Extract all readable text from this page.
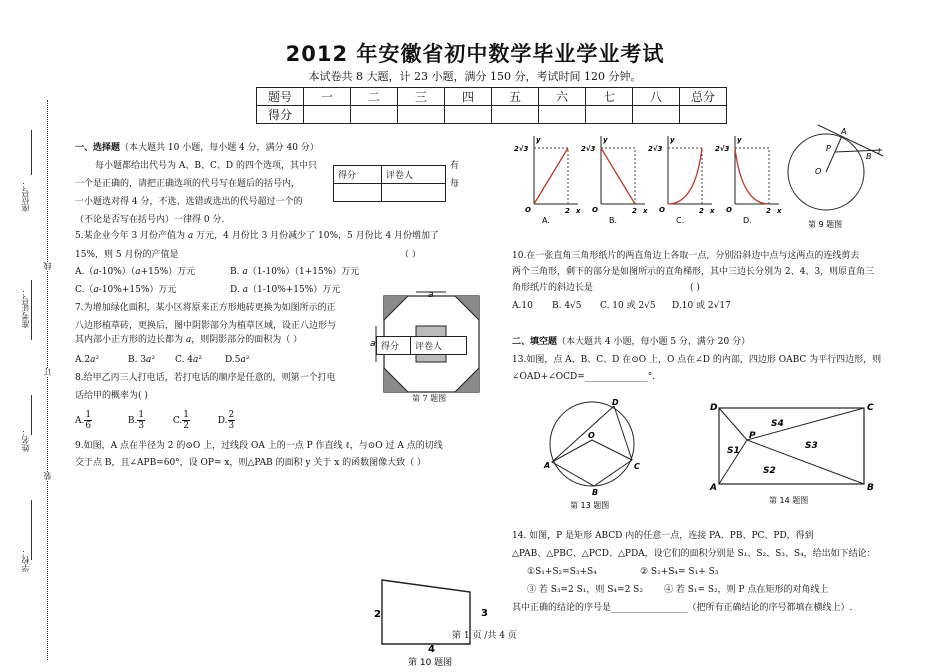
2012 年安徽省初中数学毕业学业考试
本试卷共 8 大题，计 23 小题，满分 150 分，考试时间 120 分钟。
题号	一	二	三	四	五	六	七	八	总分
得分									
座位号：
准考证号：
姓名：
学校：
线
订
装
一、选择题（本大题共 10 小题，每小题 4 分，满分 40 分）
每小题都给出代号为 A、B、C、D 的四个选项，其中只
一个是正确的，请把正确选项的代号写在题后的括号内，
一小题选对得 4 分，不选、选错或选出的代号超过一个的
（不论是否写在括号内）一律得 0 分.
有
每
得分	评卷人

5.某企业今年 3 月份产值为 𝑎 万元，4 月份比 3 月份减少了 10%，5 月份比 4 月份增加了
15%，则 5 月份的产值是	（ ）
A.（𝑎-10%）（𝑎+15%）万元	B. 𝑎（1-10%）（1+15%）万元
C.（𝑎-10%+15%）万元	D. 𝑎（1-10%+15%）万元
7.为增加绿化面积，某小区将原来正方形地砖更换为如图所示的正
八边形植草砖，更换后，图中阴影部分为植草区域，设正八边形与
其内部小正方形的边长都为 𝑎，则阴影部分的面积为（ ）
A.2𝑎²	B. 3𝑎² C. 4𝑎²	D.5𝑎²
a
a 得分	评卷人
第 7 题图
8.给甲乙丙三人打电话，若打电话的顺序是任意的，则第一个打电
话给甲的概率为( )
A. $\frac{1}{6}$	B. $\frac{1}{3}$	C. $\frac{1}{2}$	D. $\frac{2}{3}$
9.如图，A 点在半径为 2 的⊙O 上，过线段 OA 上的一点 P 作直线 ℓ，与⊙O 过 A 点的切线
交于点 B，且∠APB=60°，设 OP= x，则△PAB 的面积 y 关于 x 的函数图像大致（ ）
2	3
4
第 10 题图
2√3
y
2 x
O
A.
2√3
y
2 x
O
B.
2√3
y
2 x
O
C.
2√3
y
2 x
O
D.
A
P
O
B
l
第 9 题图
10.在一张直角三角形纸片的两直角边上各取一点，分别沿斜边中点与这两点的连线剪去
两个三角形，剩下的部分是如图所示的直角梯形，其中三边长分别为 2、4、3，则原直角三
角形纸片的斜边长是	( )
A.10 B. 4√5 C. 10 或 2√5 D.10 或 2√17
二、填空题（本大题共 4 小题，每小题 5 分，满分 20 分）
13.如图，点 A、B、C、D 在⊙O 上，O 点在∠D 的内部，四边形 OABC 为平行四边形，则
∠OAD+∠OCD=______________°.
A
B
C
D
O
第 13 题图
D	C
A	B
P
S1
S2
S3
S4
第 14 题图
14. 如图，P 是矩形 ABCD 内的任意一点，连接 PA、PB、PC、PD，得到
△PAB、△PBC、△PCD、△PDA，设它们的面积分别是 S₁、S₂、S₃、S₄，给出如下结论：
①S₁+S₂=S₃+S₄	② S₂+S₄= S₁+ S₃
③ 若 S₃=2 S₁，则 S₄=2 S₂ ④ 若 S₁= S₂，则 P 点在矩形的对角线上
其中正确的结论的序号是_________________（把所有正确结论的序号都填在横线上）.
第 1 页 /共 4 页
